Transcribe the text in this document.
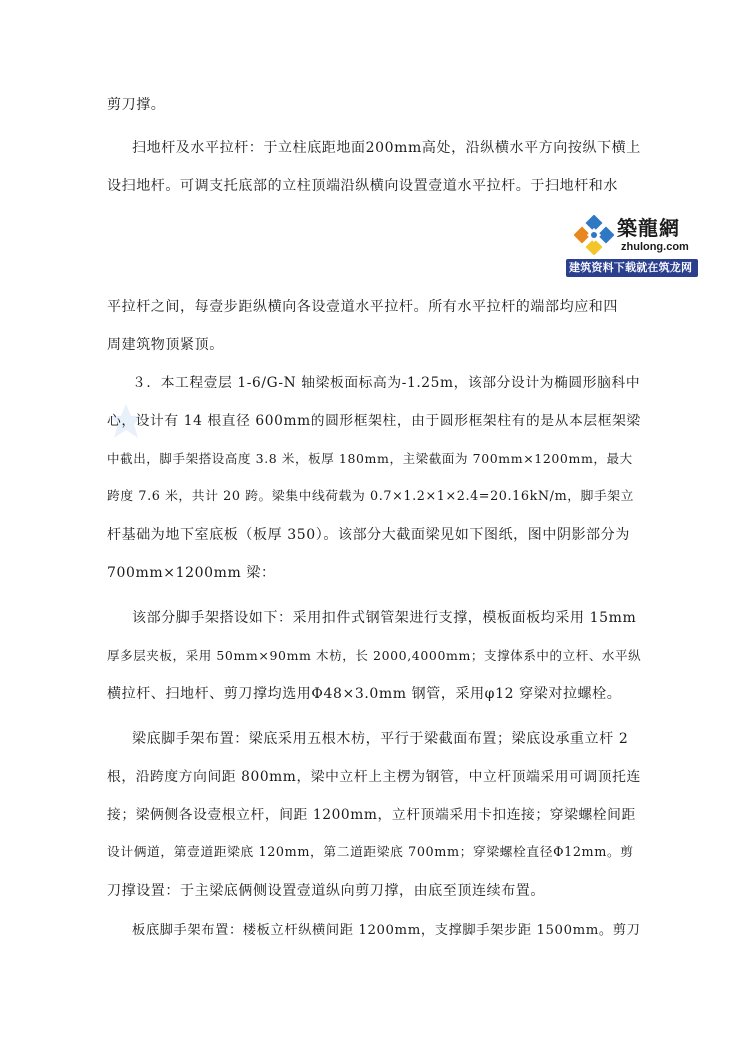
剪刀撑。
扫地杆及水平拉杆：于立柱底距地面200mm高处，沿纵横水平方向按纵下横上
设扫地杆。可调支托底部的立柱顶端沿纵横向设置壹道水平拉杆。于扫地杆和水
築龍網
zhulong.com
建筑资料下载就在筑龙网
平拉杆之间，每壹步距纵横向各设壹道水平拉杆。所有水平拉杆的端部均应和四
周建筑物顶紧顶。
３．本工程壹层 1-6/G-N 轴梁板面标高为-1.25m，该部分设计为椭圆形脑科中
心，设计有 14 根直径 600mm的圆形框架柱，由于圆形框架柱有的是从本层框架梁
中截出，脚手架搭设高度 3.8 米，板厚 180mm，主梁截面为 700mm×1200mm，最大
跨度 7.6 米，共计 20 跨。梁集中线荷载为 0.7×1.2×1×2.4=20.16kN/m，脚手架立
杆基础为地下室底板（板厚 350）。该部分大截面梁见如下图纸，图中阴影部分为
700mm×1200mm 梁：
该部分脚手架搭设如下：采用扣件式钢管架进行支撑，模板面板均采用 15mm
厚多层夹板，采用 50mm×90mm 木枋，长 2000,4000mm；支撑体系中的立杆、水平纵
横拉杆、扫地杆、剪刀撑均选用Φ48×3.0mm 钢管，采用φ12 穿梁对拉螺栓。
梁底脚手架布置：梁底采用五根木枋，平行于梁截面布置；梁底设承重立杆 2
根，沿跨度方向间距 800mm，梁中立杆上主楞为钢管，中立杆顶端采用可调顶托连
接；梁俩侧各设壹根立杆，间距 1200mm，立杆顶端采用卡扣连接；穿梁螺栓间距
设计俩道，第壹道距梁底 120mm，第二道距梁底 700mm；穿梁螺栓直径Φ12mm。剪
刀撑设置：于主梁底俩侧设置壹道纵向剪刀撑，由底至顶连续布置。
板底脚手架布置：楼板立杆纵横间距 1200mm，支撑脚手架步距 1500mm。剪刀
